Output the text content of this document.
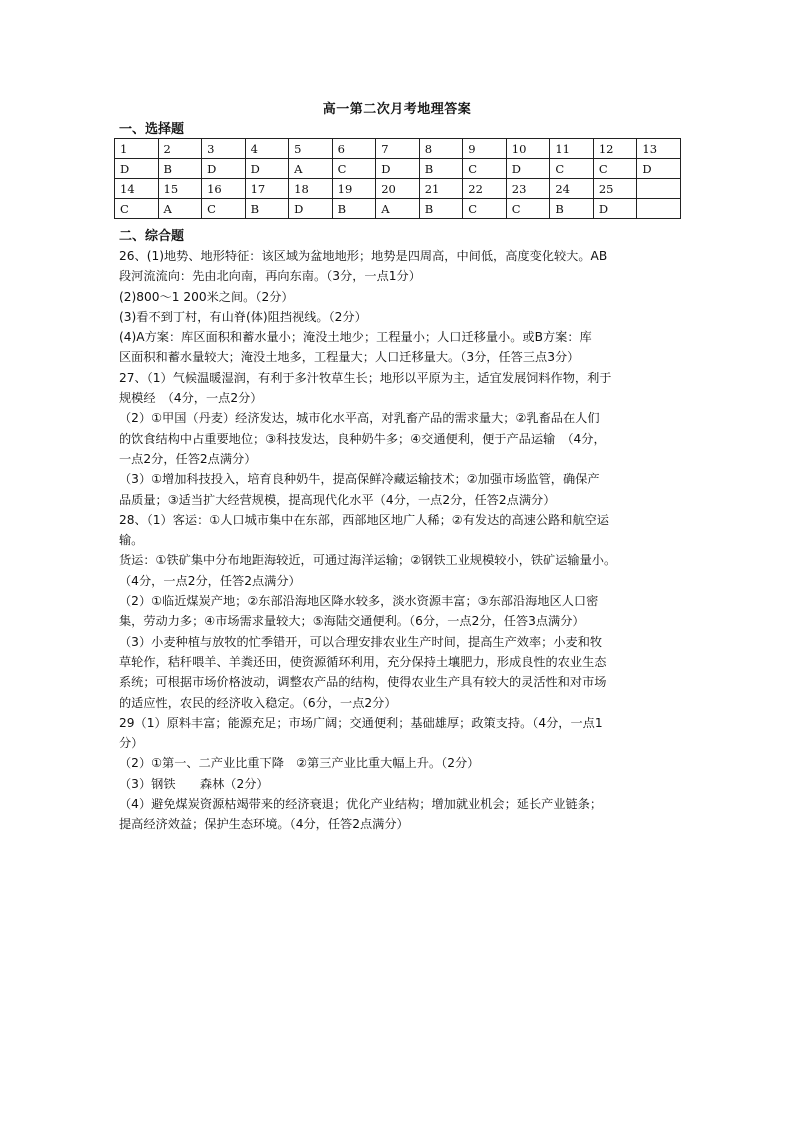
高一第二次月考地理答案
一、选择题
1	2	3	4	5	6	7	8	9	10	11	12	13
D	B	D	D	A	C	D	B	C	D	C	C	D
14	15	16	17	18	19	20	21	22	23	24	25	
C	A	C	B	D	B	A	B	C	C	B	D	
二、综合题

26、(1)地势、地形特征：该区域为盆地地形；地势是四周高，中间低，高度变化较大。AB

段河流流向：先由北向南，再向东南。（3分，一点1分）

(2)800～1 200米之间。（2分）

(3)看不到丁村，有山脊(体)阻挡视线。（2分）

(4)A方案：库区面积和蓄水量小；淹没土地少；工程量小；人口迁移量小。或B方案：库

区面积和蓄水量较大；淹没土地多，工程量大；人口迁移量大。（3分，任答三点3分）

27、（1）气候温暖湿润，有利于多汁牧草生长；地形以平原为主，适宜发展饲料作物，利于

规模经　（4分，一点2分）

（2）①甲国（丹麦）经济发达，城市化水平高，对乳畜产品的需求量大；②乳畜品在人们

的饮食结构中占重要地位；③科技发达，良种奶牛多；④交通便利，便于产品运输　（4分，

一点2分，任答2点满分）

（3）①增加科技投入，培育良种奶牛，提高保鲜冷藏运输技术；②加强市场监管，确保产

品质量；③适当扩大经营规模，提高现代化水平（4分，一点2分，任答2点满分）

28、（1）客运：①人口城市集中在东部，西部地区地广人稀；②有发达的高速公路和航空运

输。

货运：①铁矿集中分布地距海较近，可通过海洋运输；②钢铁工业规模较小，铁矿运输量小。

（4分，一点2分，任答2点满分）

（2）①临近煤炭产地；②东部沿海地区降水较多，淡水资源丰富；③东部沿海地区人口密

集，劳动力多；④市场需求量较大；⑤海陆交通便利。（6分，一点2分，任答3点满分）

（3）小麦种植与放牧的忙季错开，可以合理安排农业生产时间，提高生产效率；小麦和牧

草轮作，秸秆喂羊、羊粪还田，使资源循环利用，充分保持土壤肥力，形成良性的农业生态

系统；可根据市场价格波动，调整农产品的结构，使得农业生产具有较大的灵活性和对市场

的适应性，农民的经济收入稳定。（6分，一点2分）

29（1）原料丰富；能源充足；市场广阔；交通便利；基础雄厚；政策支持。（4分，一点1

分）

（2）①第一、二产业比重下降　②第三产业比重大幅上升。（2分）

（3）钢铁　　森林（2分）

（4）避免煤炭资源枯竭带来的经济衰退；优化产业结构；增加就业机会；延长产业链条；

提高经济效益；保护生态环境。（4分，任答2点满分）
